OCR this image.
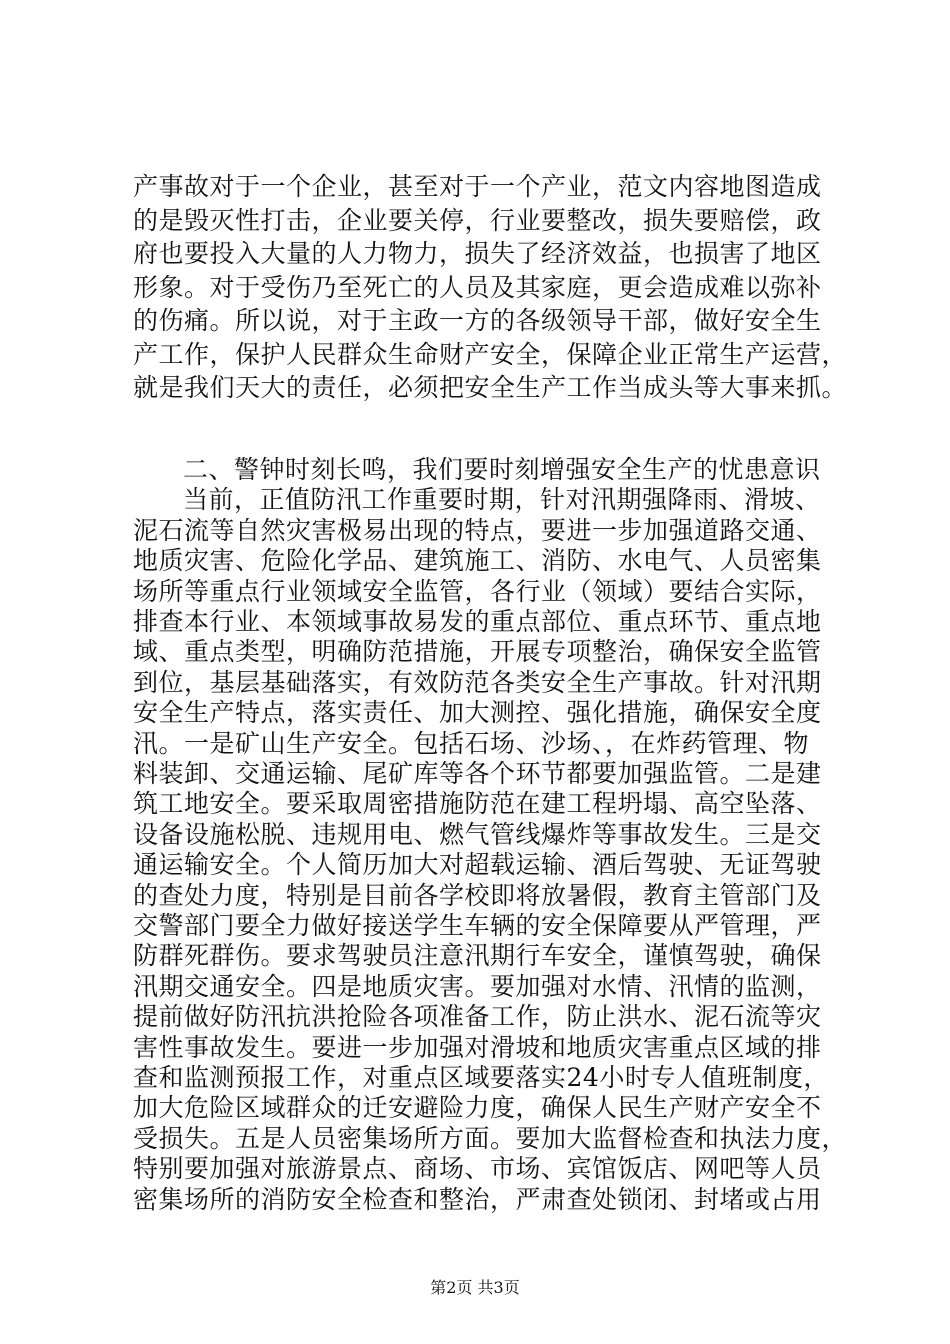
产事故对于一个企业，甚至对于一个产业，范文内容地图造成
的是毁灭性打击，企业要关停，行业要整改，损失要赔偿，政
府也要投入大量的人力物力，损失了经济效益，也损害了地区
形象。对于受伤乃至死亡的人员及其家庭，更会造成难以弥补
的伤痛。所以说，对于主政一方的各级领导干部，做好安全生
产工作，保护人民群众生命财产安全，保障企业正常生产运营，
就是我们天大的责任，必须把安全生产工作当成头等大事来抓。
二、警钟时刻长鸣，我们要时刻增强安全生产的忧患意识
当前，正值防汛工作重要时期，针对汛期强降雨、滑坡、
泥石流等自然灾害极易出现的特点，要进一步加强道路交通、
地质灾害、危险化学品、建筑施工、消防、水电气、人员密集
场所等重点行业领域安全监管，各行业（领域）要结合实际，
排查本行业、本领域事故易发的重点部位、重点环节、重点地
域、重点类型，明确防范措施，开展专项整治，确保安全监管
到位，基层基础落实，有效防范各类安全生产事故。针对汛期
安全生产特点，落实责任、加大测控、强化措施，确保安全度
汛。一是矿山生产安全。包括石场、沙场、，在炸药管理、物
料装卸、交通运输、尾矿库等各个环节都要加强监管。二是建
筑工地安全。要采取周密措施防范在建工程坍塌、高空坠落、
设备设施松脱、违规用电、燃气管线爆炸等事故发生。三是交
通运输安全。个人简历加大对超载运输、酒后驾驶、无证驾驶
的查处力度，特别是目前各学校即将放暑假，教育主管部门及
交警部门要全力做好接送学生车辆的安全保障要从严管理，严
防群死群伤。要求驾驶员注意汛期行车安全，谨慎驾驶，确保
汛期交通安全。四是地质灾害。要加强对水情、汛情的监测，
提前做好防汛抗洪抢险各项准备工作，防止洪水、泥石流等灾
害性事故发生。要进一步加强对滑坡和地质灾害重点区域的排
查和监测预报工作，对重点区域要落实24小时专人值班制度，
加大危险区域群众的迁安避险力度，确保人民生产财产安全不
受损失。五是人员密集场所方面。要加大监督检查和执法力度，
第2页 共3页
特别要加强对旅游景点、商场、市场、宾馆饭店、网吧等人员
密集场所的消防安全检查和整治，严肃查处锁闭、封堵或占用
